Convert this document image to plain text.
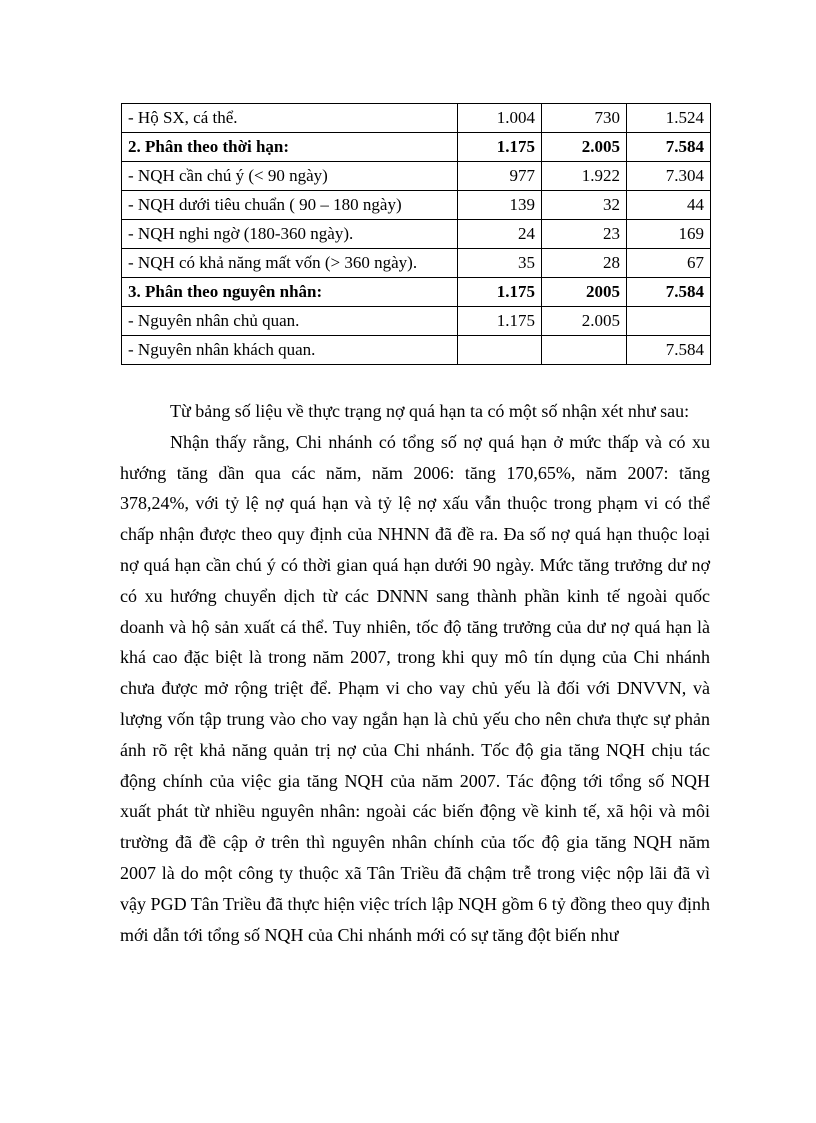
- Hộ SX, cá thể.	1.004	730	1.524
2. Phân theo thời hạn:	1.175	2.005	7.584
- NQH cần chú ý (< 90 ngày)	977	1.922	7.304
- NQH dưới tiêu chuẩn ( 90 – 180 ngày)	139	32	44
- NQH nghi ngờ (180-360 ngày).	24	23	169
- NQH có khả năng mất vốn (> 360 ngày).	35	28	67
3. Phân theo nguyên nhân:	1.175	2005	7.584
- Nguyên nhân chủ quan.	1.175	2.005	
- Nguyên nhân khách quan.			7.584

Từ bảng số liệu về thực trạng nợ quá hạn ta có một số nhận xét như sau:

Nhận thấy rằng, Chi nhánh có tổng số nợ quá hạn ở mức thấp và có xu hướng tăng dần qua các năm, năm 2006: tăng 170,65%, năm 2007: tăng 378,24%, với tỷ lệ nợ quá hạn và tỷ lệ nợ xấu vẫn thuộc trong phạm vi có thể chấp nhận được theo quy định của NHNN đã đề ra. Đa số nợ quá hạn thuộc loại nợ quá hạn cần chú ý có thời gian quá hạn dưới 90 ngày. Mức tăng trưởng dư nợ có xu hướng chuyển dịch từ các DNNN sang thành phần kinh tế ngoài quốc doanh và hộ sản xuất cá thể. Tuy nhiên, tốc độ tăng trưởng của dư nợ quá hạn là khá cao đặc biệt là trong năm 2007, trong khi quy mô tín dụng của Chi nhánh chưa được mở rộng triệt để. Phạm vi cho vay chủ yếu là đối với DNVVN, và lượng vốn tập trung vào cho vay ngắn hạn là chủ yếu cho nên chưa thực sự phản ánh rõ rệt khả năng quản trị nợ của Chi nhánh. Tốc độ gia tăng NQH chịu tác động chính của việc gia tăng NQH của năm 2007. Tác động tới tổng số NQH xuất phát từ nhiều nguyên nhân: ngoài các biến động về kinh tế, xã hội và môi trường đã đề cập ở trên thì nguyên nhân chính của tốc độ gia tăng NQH năm 2007 là do một công ty thuộc xã Tân Triều đã chậm trễ trong việc nộp lãi đã vì vậy PGD Tân Triều đã thực hiện việc trích lập NQH gồm 6 tỷ đồng theo quy định mới dẫn tới tổng số NQH của Chi nhánh mới có sự tăng đột biến như
